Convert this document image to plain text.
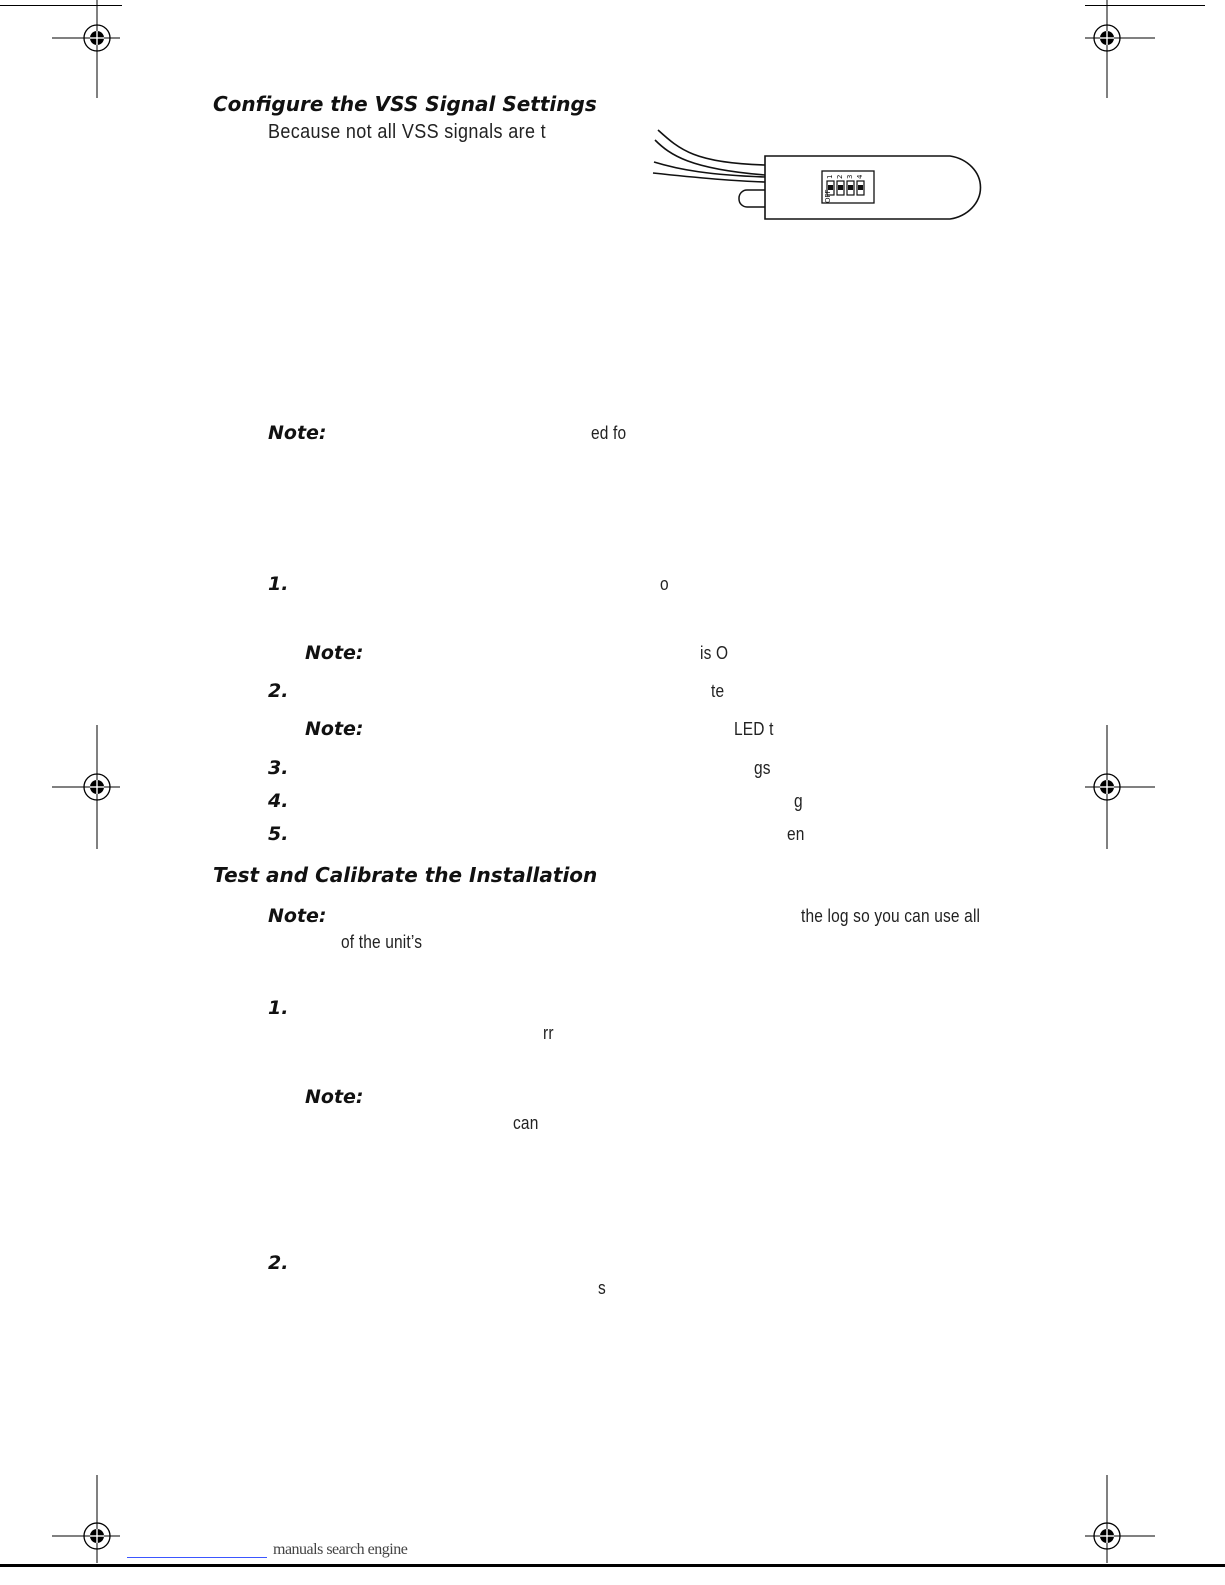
Configure the VSS Signal Settings
Because not all VSS signals are t
1 2 3 4
OFF
Note:	ed fo
1.	o
Note:	is O
2.	te
Note:	LED t
3.	gs
4.	g
5.	en
Test and Calibrate the Installation
Note:	the log so you can use all
of the unit’s
1.
rr
Note:
can
2.
s
manuals search engine
